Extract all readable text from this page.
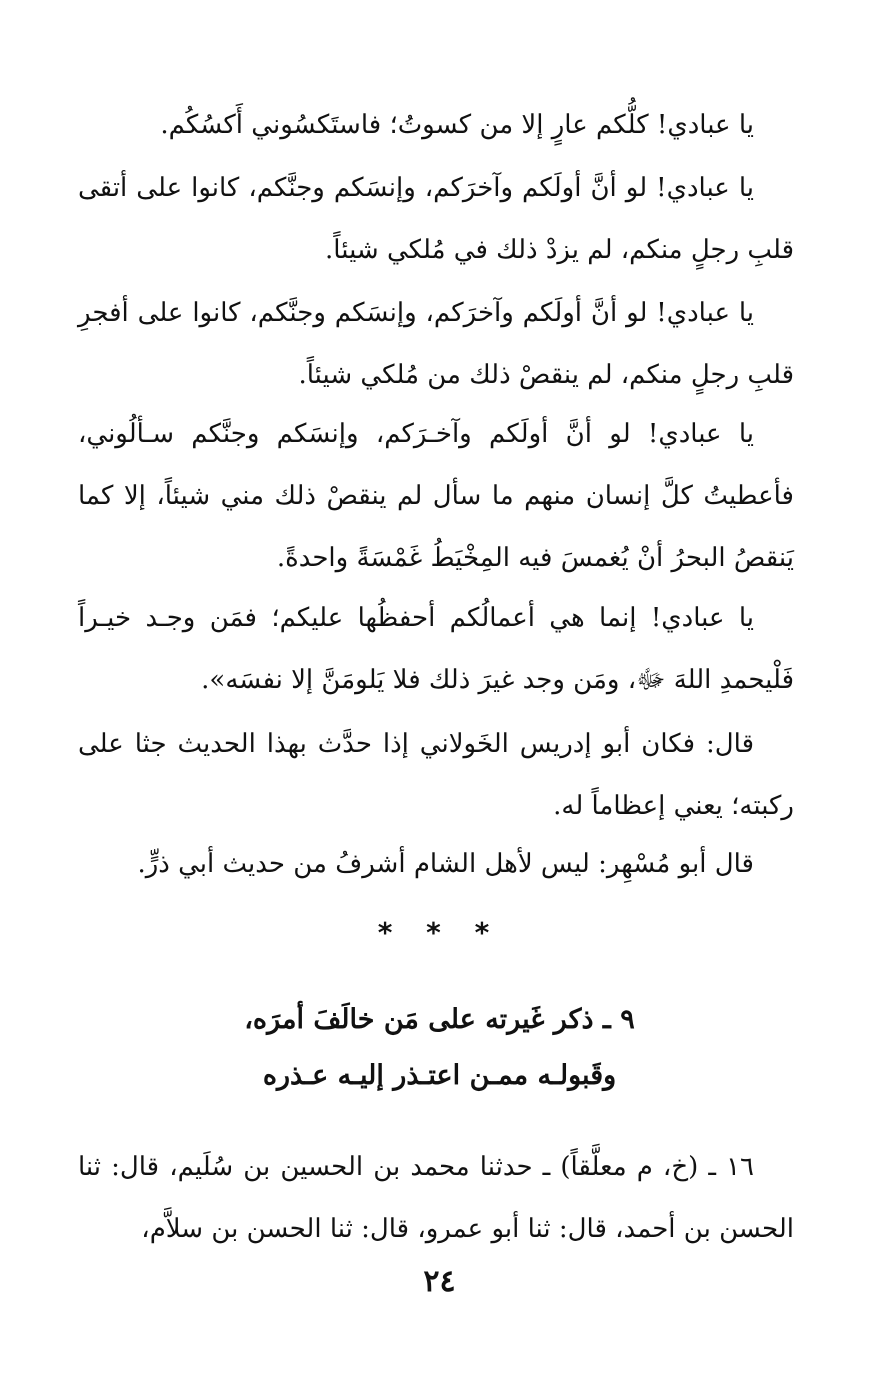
يا عبادي! كلُّكم عارٍ إلا من كسوتُ؛ فاستَكسُوني أَكسُكُم.

يا عبادي! لو أنَّ أولَكم وآخرَكم، وإنسَكم وجنَّكم، كانوا على أتقى قلبِ رجلٍ منكم، لم يزدْ ذلك في مُلكي شيئاً.

يا عبادي! لو أنَّ أولَكم وآخرَكم، وإنسَكم وجنَّكم، كانوا على أفجرِ قلبِ رجلٍ منكم، لم ينقصْ ذلك من مُلكي شيئاً.

يا عبادي! لو أنَّ أولَكم وآخـرَكم، وإنسَكم وجنَّكم سـألُوني، فأعطيتُ كلَّ إنسان منهم ما سأل لم ينقصْ ذلك مني شيئاً، إلا كما يَنقصُ البحرُ أنْ يُغمسَ فيه المِخْيَطُ غَمْسَةً واحدةً.

يا عبادي! إنما هي أعمالُكم أحفظُها عليكم؛ فمَن وجـد خيـراً فَلْيحمدِ اللهَ ﷻ، ومَن وجد غيرَ ذلك فلا يَلومَنَّ إلا نفسَه».

قال: فكان أبو إدريس الخَولاني إذا حدَّث بهذا الحديث جثا على ركبته؛ يعني إعظاماً له.

قال أبو مُسْهِر: ليس لأهل الشام أشرفُ من حديث أبي ذرٍّ.

* * *
٩ ـ ذكر غَيرته على مَن خالَفَ أمرَه،
وقَبولـه ممـن اعتـذر إليـه عـذره

١٦ ـ (خ، م معلَّقاً) ـ حدثنا محمد بن الحسين بن سُلَيم، قال: ثنا الحسن بن أحمد، قال: ثنا أبو عمرو، قال: ثنا الحسن بن سلاَّم،

٢٤
